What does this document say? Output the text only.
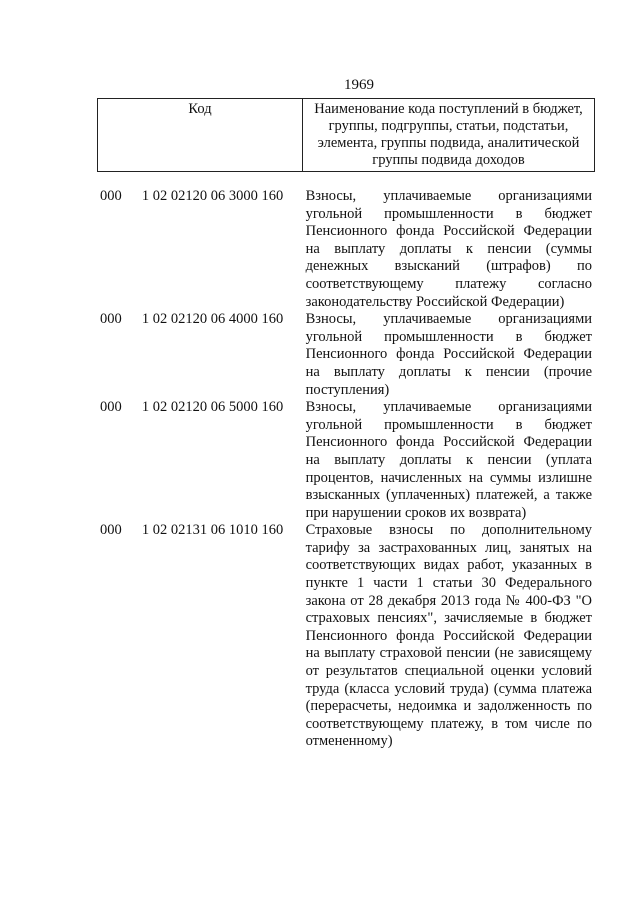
1969
Код	Наименование кода поступлений в бюджет, группы, подгруппы, статьи, подстатьи, элемента, группы подвида, аналитической группы подвида доходов
000	1 02 02120 06 3000 160	Взносы, уплачиваемые организациями угольной промышленности в бюджет Пенсионного фонда Российской Федерации на выплату доплаты к пенсии (суммы денежных взысканий (штрафов) по соответствующему платежу согласно законодательству Российской Федерации)
000	1 02 02120 06 4000 160	Взносы, уплачиваемые организациями угольной промышленности в бюджет Пенсионного фонда Российской Федерации на выплату доплаты к пенсии (прочие поступления)
000	1 02 02120 06 5000 160	Взносы, уплачиваемые организациями угольной промышленности в бюджет Пенсионного фонда Российской Федерации на выплату доплаты к пенсии (уплата процентов, начисленных на суммы излишне взысканных (уплаченных) платежей, а также при нарушении сроков их возврата)
000	1 02 02131 06 1010 160	Страховые взносы по дополнительному тарифу за застрахованных лиц, занятых на соответствующих видах работ, указанных в пункте 1 части 1 статьи 30 Федерального закона от 28 декабря 2013 года № 400-ФЗ "О страховых пенсиях", зачисляемые в бюджет Пенсионного фонда Российской Федерации на выплату страховой пенсии (не зависящему от результатов специальной оценки условий труда (класса условий труда) (сумма платежа (перерасчеты, недоимка и задолженность по соответствующему платежу, в том числе по отмененному)
